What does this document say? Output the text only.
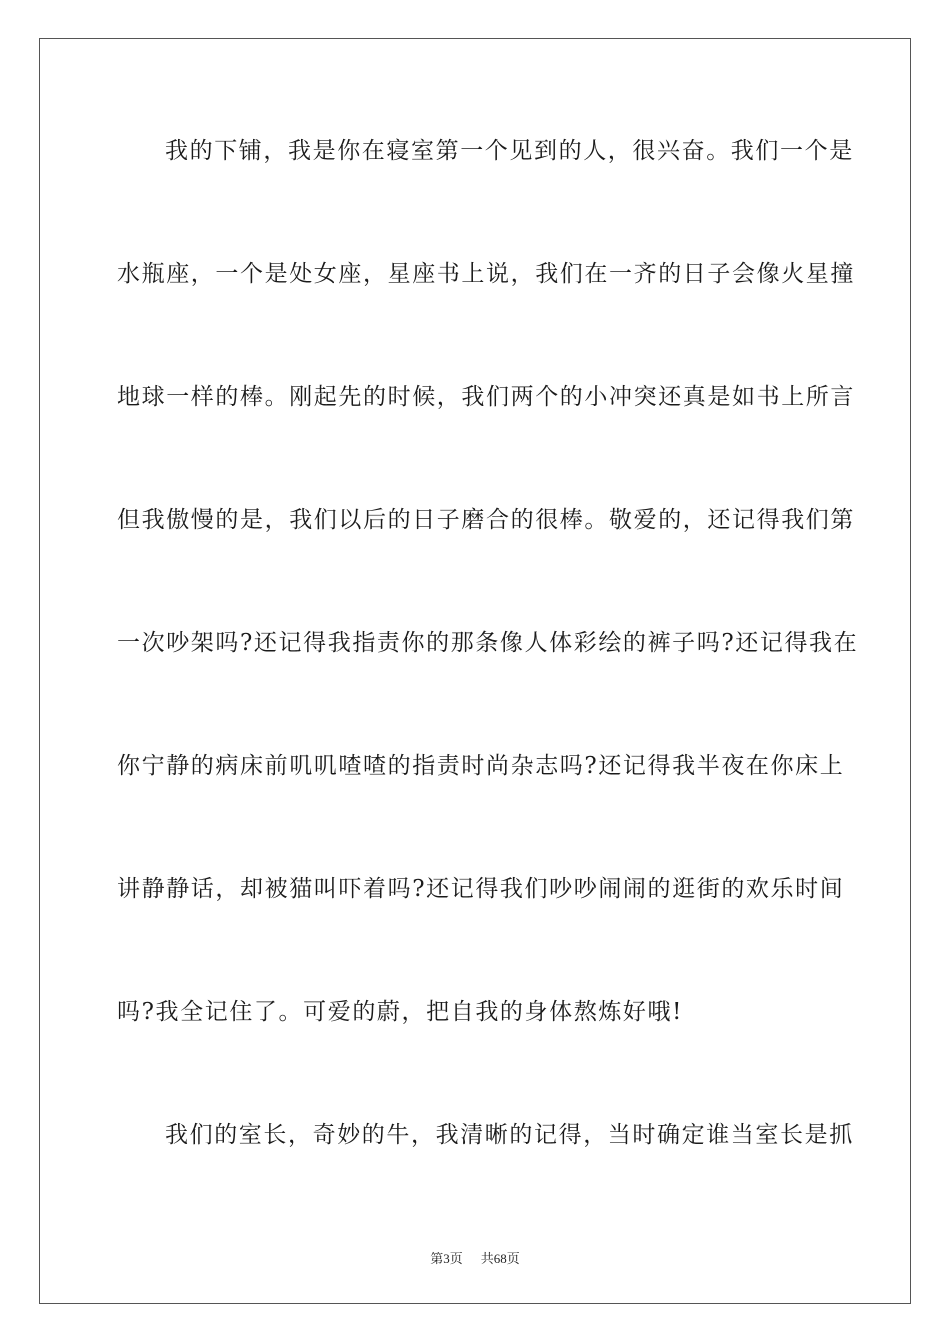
我的下铺，我是你在寝室第一个见到的人，很兴奋。我们一个是
水瓶座，一个是处女座，星座书上说，我们在一齐的日子会像火星撞
地球一样的棒。刚起先的时候，我们两个的小冲突还真是如书上所言
但我傲慢的是，我们以后的日子磨合的很棒。敬爱的，还记得我们第
一次吵架吗?还记得我指责你的那条像人体彩绘的裤子吗?还记得我在
你宁静的病床前叽叽喳喳的指责时尚杂志吗?还记得我半夜在你床上
讲静静话，却被猫叫吓着吗?还记得我们吵吵闹闹的逛街的欢乐时间
吗?我全记住了。可爱的蔚，把自我的身体熬炼好哦!
我们的室长，奇妙的牛，我清晰的记得，当时确定谁当室长是抓
第3页 共68页
